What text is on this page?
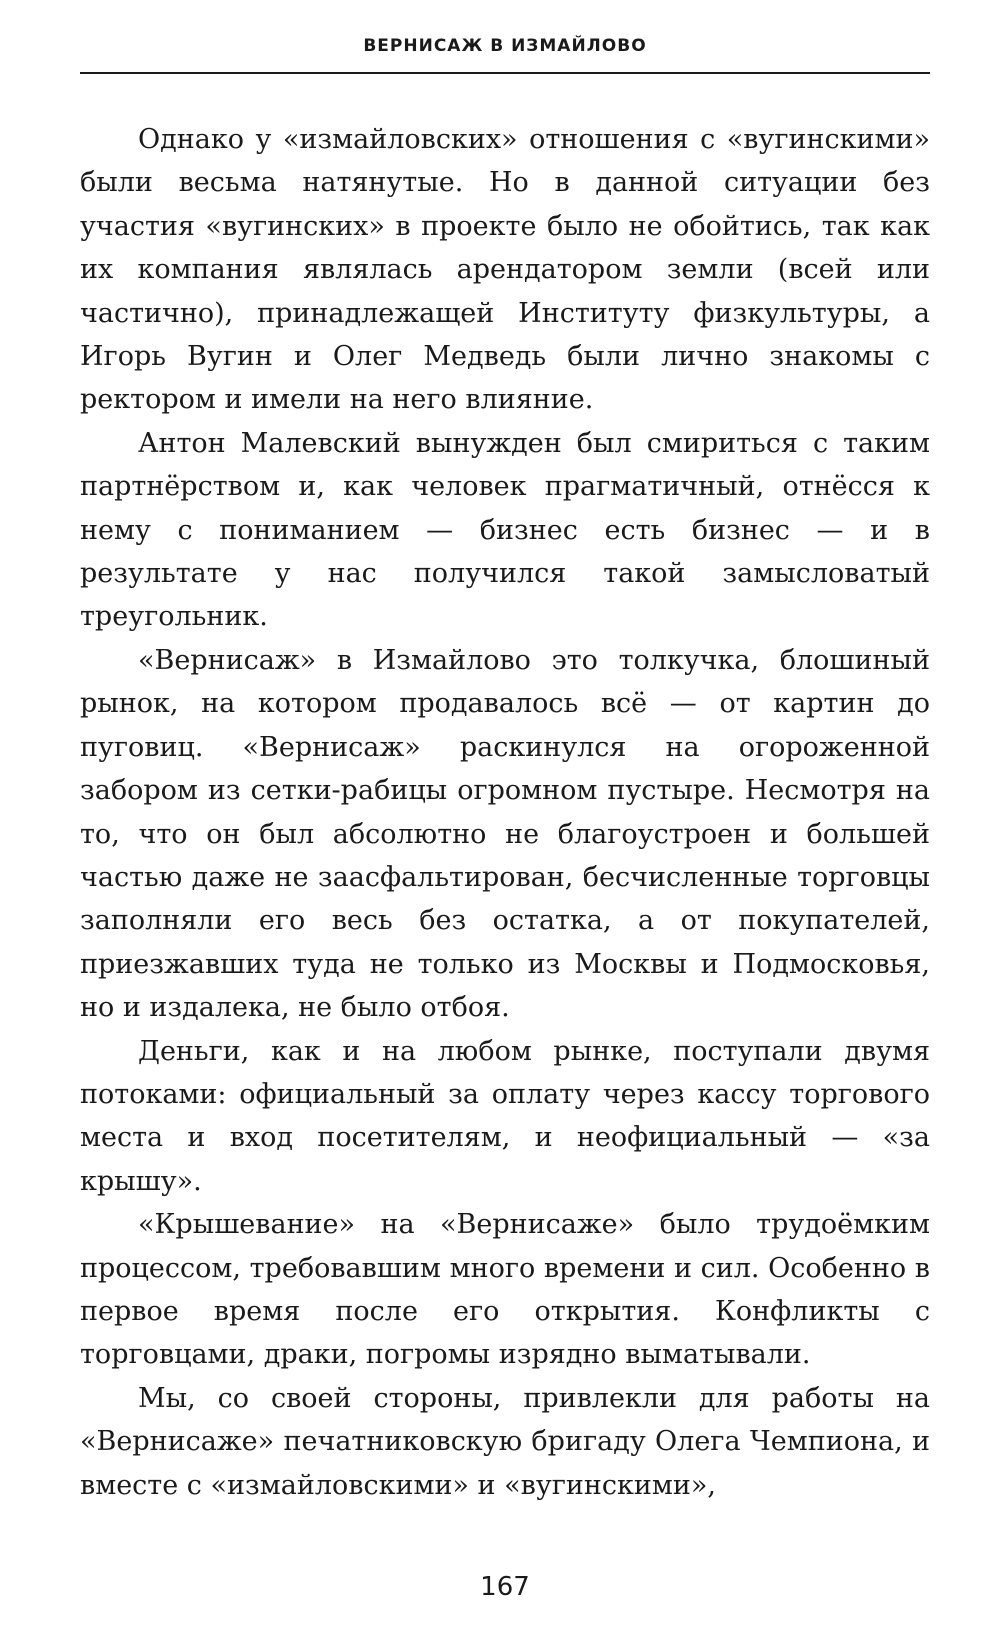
ВЕРНИСАЖ В ИЗМАЙЛОВО

Однако у «измайловских» отношения с «вугинскими» были весьма натянутые. Но в данной ситуации без участия «вугинских» в проекте было не обойтись, так как их компания являлась арендатором земли (всей или частично), принадлежащей Институту физкультуры, а Игорь Вугин и Олег Медведь были лично знакомы с ректором и имели на него влияние.

Антон Малевский вынужден был смириться с таким партнёрством и, как человек прагматичный, отнёсся к нему с пониманием — бизнес есть бизнес — и в результате у нас получился такой замысловатый треугольник.

«Вернисаж» в Измайлово это толкучка, блошиный рынок, на котором продавалось всё — от картин до пуговиц. «Вернисаж» раскинулся на огороженной забором из сетки-рабицы огромном пустыре. Несмотря на то, что он был абсолютно не благоустроен и большей частью даже не заасфальтирован, бесчисленные торговцы заполняли его весь без остатка, а от покупателей, приезжавших туда не только из Москвы и Подмосковья, но и издалека, не было отбоя.

Деньги, как и на любом рынке, поступали двумя потоками: официальный за оплату через кассу торгового места и вход посетителям, и неофициальный — «за крышу».

«Крышевание» на «Вернисаже» было трудоёмким процессом, требовавшим много времени и сил. Особенно в первое время после его открытия. Конфликты с торговцами, драки, погромы изрядно выматывали.

Мы, со своей стороны, привлекли для работы на «Вернисаже» печатниковскую бригаду Олега Чемпиона, и вместе с «измайловскими» и «вугинскими»,

167
